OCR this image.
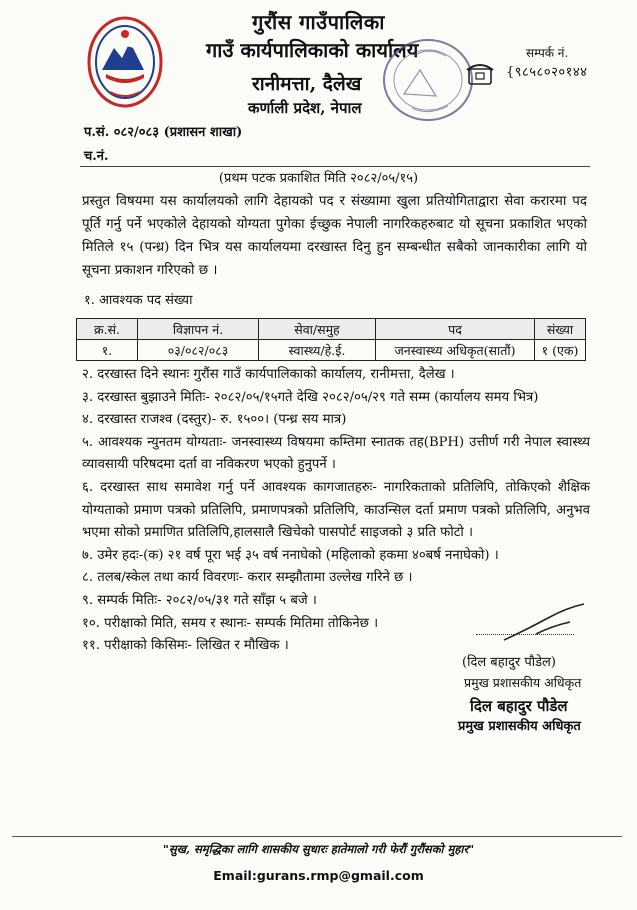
गुरौंस गाउँपालिका
गाउँ कार्यपालिकाको कार्यालय
रानीमत्ता, दैलेख
कर्णाली प्रदेश, नेपाल
सम्पर्क नं.
{९८५८०२०१४४
प.सं. ०८२/०८३ (प्रशासन शाखा)
च.नं.
(प्रथम पटक प्रकाशित मिति २०८२/०५/१५)
प्रस्तुत विषयमा यस कार्यालयको लागि देहायको पद र संख्यामा खुला प्रतियोगिताद्वारा सेवा करारमा पद पूर्ति गर्नु पर्ने भएकोले देहायको योग्यता पुगेका ईच्छुक नेपाली नागरिकहरुबाट यो सूचना प्रकाशित भएको मितिले १५ (पन्ध्र) दिन भित्र यस कार्यालयमा दरखास्त दिनु हुन सम्बन्धीत सबैको जानकारीका लागि यो सूचना प्रकाशन गरिएको छ ।
१. आवश्यक पद संख्या
क्र.सं.	विज्ञापन नं.	सेवा/समुह	पद	संख्या
१.	०३/०८२/०८३	स्वास्थ्य/हे.ई.	जनस्वास्थ्य अधिकृत(सातौं)	१ (एक)

२. दरखास्त दिने स्थानः गुरौंस गाउँ कार्यपालिकाको कार्यालय, रानीमत्ता, दैलेख ।

३. दरखास्त बुझाउने मितिः- २०८२/०५/१५गते देखि २०८२/०५/२९ गते सम्म (कार्यालय समय भित्र)

४. दरखास्त राजश्व (दस्तुर)- रु. १५००। (पन्ध्र सय मात्र)

५. आवश्यक न्युनतम योग्यताः- जनस्वास्थ्य विषयमा कम्तिमा स्नातक तह(BPH) उत्तीर्ण गरी नेपाल स्वास्थ्य व्यावसायी परिषदमा दर्ता वा नविकरण भएको हुनुपर्ने ।

६. दरखास्त साथ समावेश गर्नु पर्ने आवश्यक कागजातहरुः- नागरिकताको प्रतिलिपि, तोकिएको शैक्षिक योग्यताको प्रमाण पत्रको प्रतिलिपि, प्रमाणपत्रको प्रतिलिपि, काउन्सिल दर्ता प्रमाण पत्रको प्रतिलिपि, अनुभव भएमा सोको प्रमाणित प्रतिलिपि,हालसालै खिचेको पासपोर्ट साइजको ३ प्रति फोटो ।

७. उमेर हदः-(क) २१ वर्ष पूरा भई ३५ वर्ष ननाघेको (महिलाको हकमा ४०बर्ष ननाघेको) ।

८. तलब/स्केल तथा कार्य विवरणः- करार सम्झौतामा उल्लेख गरिने छ ।

९. सम्पर्क मितिः- २०८२/०५/३१ गते साँझ ५ बजे ।

१०. परीक्षाको मिति, समय र स्थानः- सम्पर्क मितिमा तोकिनेछ ।

११. परीक्षाको किसिमः- लिखित र मौखिक ।

(दिल बहादुर पौडेल)
प्रमुख प्रशासकीय अधिकृत
दिल बहादुर पौडेल
प्रमुख प्रशासकीय अधिकृत
"सुख, समृद्धिका लागि शासकीय सुधारः हातेमालो गरी फेरौं गुरौंसको मुहार"
Email:gurans.rmp@gmail.com
